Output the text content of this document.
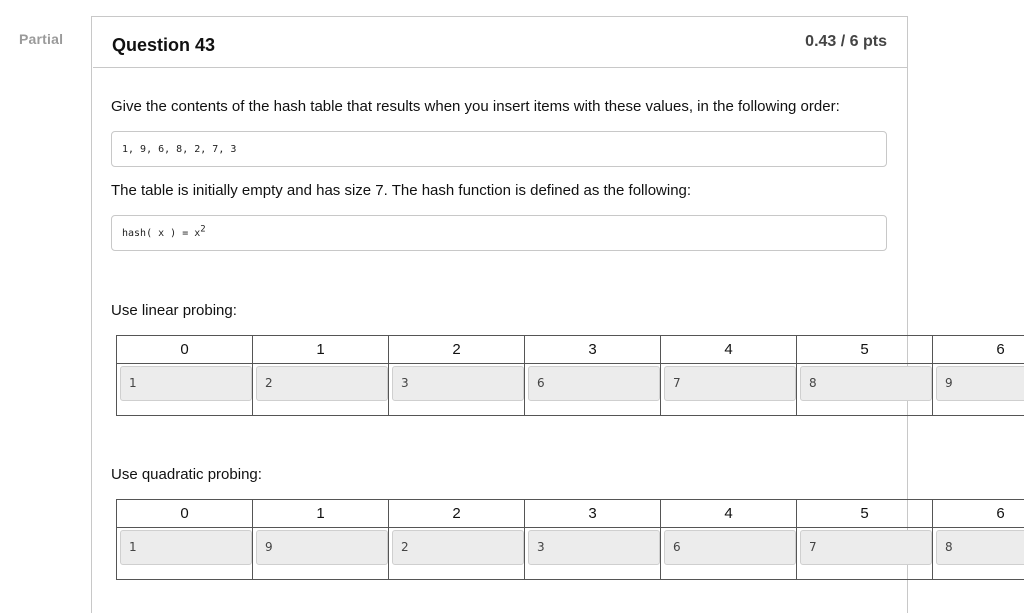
Partial	Question 43	0.43 / 6 pts
Give the contents of the hash table that results when you insert items with these values, in the following order:
1, 9, 6, 8, 2, 7, 3
The table is initially empty and has size 7. The hash function is defined as the following:
hash( x ) = $x^2$
Use linear probing:
0	1	2	3	4	5	6

1	2	3	6	7	8	9
Use quadratic probing:
0	1	2	3	4	5	6

1	9	2	3	6	7	8
